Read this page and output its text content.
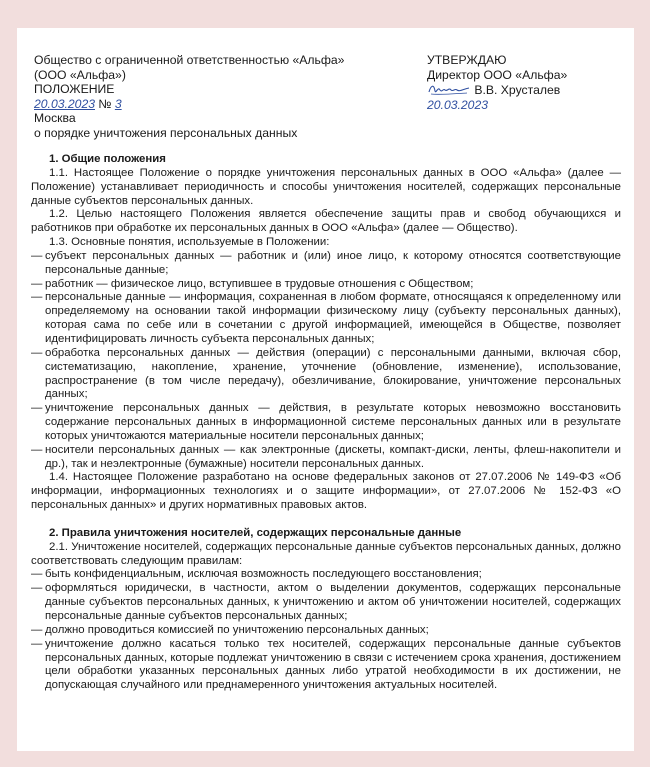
Общество с ограниченной ответственностью «Альфа»
(ООО «Альфа»)
ПОЛОЖЕНИЕ
20.03.2023 № 3
Москва
о порядке уничтожения персональных данных
УТВЕРЖДАЮ
Директор ООО «Альфа»
В.В. Хрусталев
20.03.2023

1. Общие положения

1.1. Настоящее Положение о порядке уничтожения персональных данных в ООО «Альфа» (далее — Положение) устанавливает периодичность и способы уничтожения носителей, содержащих персональные данные субъектов персональных данных.

1.2. Целью настоящего Положения является обеспечение защиты прав и свобод обучающихся и работников при обработке их персональных данных в ООО «Альфа» (далее — Общество).

1.3. Основные понятия, используемые в Положении:

— субъект персональных данных — работник и (или) иное лицо, к которому относятся соответствующие персональные данные;

— работник — физическое лицо, вступившее в трудовые отношения с Обществом;

— персональные данные — информация, сохраненная в любом формате, относящаяся к определенному или определяемому на основании такой информации физическому лицу (субъекту персональных данных), которая сама по себе или в сочетании с другой информацией, имеющейся в Обществе, позволяет идентифицировать личность субъекта персональных данных;

— обработка персональных данных — действия (операции) с персональными данными, включая сбор, систематизацию, накопление, хранение, уточнение (обновление, изменение), использование, распространение (в том числе передачу), обезличивание, блокирование, уничтожение персональных данных;

— уничтожение персональных данных — действия, в результате которых невозможно восстановить содержание персональных данных в информационной системе персональных данных или в результате которых уничтожаются материальные носители персональных данных;

— носители персональных данных — как электронные (дискеты, компакт-диски, ленты, флеш-накопители и др.), так и неэлектронные (бумажные) носители персональных данных.

1.4. Настоящее Положение разработано на основе федеральных законов от 27.07.2006 № 149-ФЗ «Об информации, информационных технологиях и о защите информации», от 27.07.2006 № 152-ФЗ «О персональных данных» и других нормативных правовых актов.

2. Правила уничтожения носителей, содержащих персональные данные

2.1. Уничтожение носителей, содержащих персональные данные субъектов персональных данных, должно соответствовать следующим правилам:

— быть конфиденциальным, исключая возможность последующего восстановления;

— оформляться юридически, в частности, актом о выделении документов, содержащих персональные данные субъектов персональных данных, к уничтожению и актом об уничтожении носителей, содержащих персональные данные субъектов персональных данных;

— должно проводиться комиссией по уничтожению персональных данных;

— уничтожение должно касаться только тех носителей, содержащих персональные данные субъектов персональных данных, которые подлежат уничтожению в связи с истечением срока хранения, достижением цели обработки указанных персональных данных либо утратой необходимости в их достижении, не допускающая случайного или преднамеренного уничтожения актуальных носителей.
